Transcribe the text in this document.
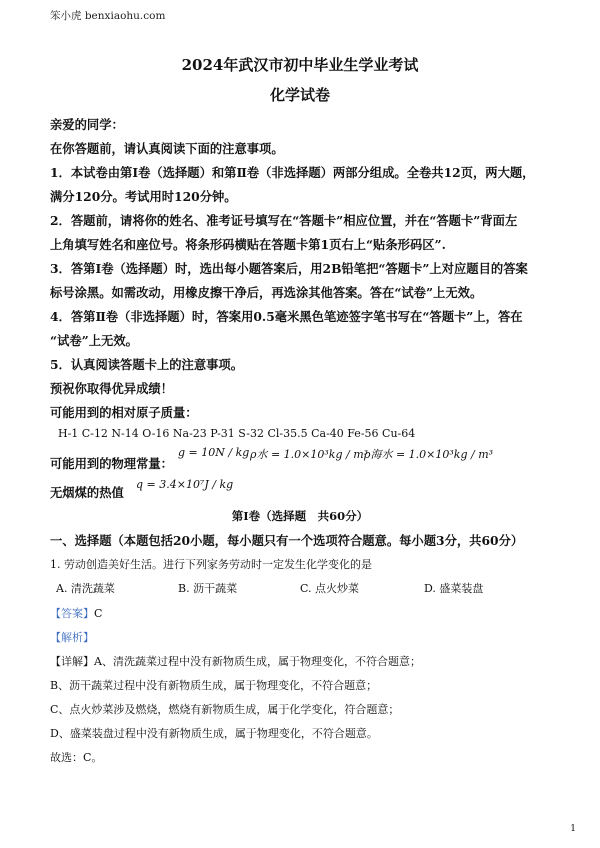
笨小虎 benxiaohu.com
2024年武汉市初中毕业生学业考试
化学试卷
亲爱的同学：
在你答题前，请认真阅读下面的注意事项。
1．本试卷由第Ⅰ卷（选择题）和第Ⅱ卷（非选择题）两部分组成。全卷共12页，两大题，
满分120分。考试用时120分钟。
2．答题前，请将你的姓名、准考证号填写在“答题卡”相应位置，并在“答题卡”背面左
上角填写姓名和座位号。将条形码横贴在答题卡第1页右上“贴条形码区”.
3．答第Ⅰ卷（选择题）时，选出每小题答案后，用2B铅笔把“答题卡”上对应题目的答案
标号涂黑。如需改动，用橡皮擦干净后，再选涂其他答案。答在“试卷”上无效。
4．答第Ⅱ卷（非选择题）时，答案用0.5毫米黑色笔迹签字笔书写在“答题卡”上，答在
“试卷”上无效。
5．认真阅读答题卡上的注意事项。
预祝你取得优异成绩！
可能用到的相对原子质量：
H-1 C-12 N-14 O-16 Na-23 P-31 S-32 Cl-35.5 Ca-40 Fe-56 Cu-64
可能用到的物理常量：
g = 10N / kg ρ水 = 1.0×10³kg / m³
ρ海水 = 1.0×10³kg / m³
无烟煤的热值
q = 3.4×10⁷J / kg
第Ⅰ卷（选择题　共60分）
一、选择题（本题包括20小题，每小题只有一个选项符合题意。每小题3分，共60分）
1. 劳动创造美好生活。进行下列家务劳动时一定发生化学变化的是
A. 清洗蔬菜	B. 沥干蔬菜	C. 点火炒菜	D. 盛菜装盘
【答案】C
【解析】
【详解】A、清洗蔬菜过程中没有新物质生成，属于物理变化，不符合题意；
B、沥干蔬菜过程中没有新物质生成，属于物理变化，不符合题意；
C、点火炒菜涉及燃烧，燃烧有新物质生成，属于化学变化，符合题意；
D、盛菜装盘过程中没有新物质生成，属于物理变化，不符合题意。
故选：C。
1
